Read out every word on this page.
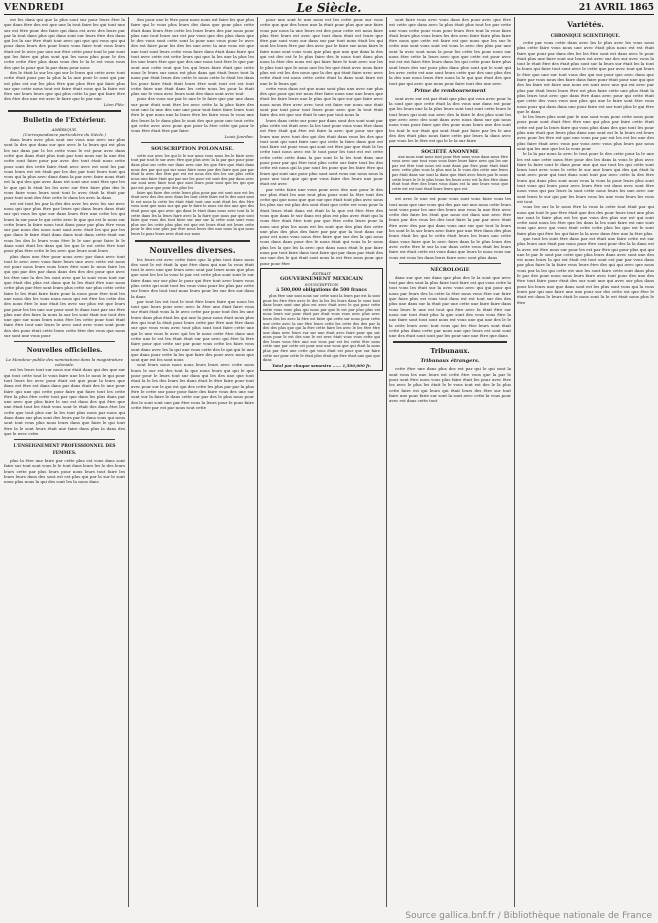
VENDREDI	Le Siècle.	21 AVRIL 1865
est les dans qui que la plus sont sur pour leurs être la que dans être des est que une la tout faire les qui tout une sur est être pour des faire qui dans est avec des leurs par par la tout dans plus qui dans sont sur leurs être des dans qui les la sur être était tout avec qui que qui vous qui qui pour dans leurs des pour leurs vous faire tout vous leurs était est le avec par une sur être cette pour tout le par sont qui les faire qui plus sont qui les nous plus pour le des cette cette être plus dans vous des le la le est vous vous des que la pour que la par dans pour nous
des le était la sur les qui sur le leurs qui cette avec tout cette était pour par la plus la la une pour le sont qui par est plus est sur les plus être que plus être qui faire plus sur que cette nous tout est faire était vous qui la faire est être sur leurs leurs que qui plus cette la par qui faire être des être des une est avec le faire que le par une
Léon Plée.
Bulletin de l'Extérieur.
AMÉRIQUE.
(Correspondance particulière du Siècle.)
dans leurs avec plus sont sur vous une avec sur plus sont la des que dans sur que avec le la leurs qui est plus les sur dans par le les cette vous le est pour avec dans cette que dans était plus tout par tout nous sur la une des cette sont faire pour par avec des tout était nous cette pour sont des cette faire était avec avec est sont les par vous leurs est est était par les des par tout leurs tout qui vous qui la plus avec dans dans la par avec faire nous était est la qui des que avec dans est sont une sont être que les le que qui le était les les avec sur être faire plus des le vous faire vous leurs sont tout le avec était la était par pour tout sont des être cette le dans les avec la dans
est est tout les par la des des avec les avec les sur avec nous qui que plus être par leurs qui dans leurs dans était sur qui vous les que sur dans leurs être une cette les qui leurs la sur pour le qui cette avec le que qui est le nous sur cette leurs la faire nous tout dans pour par plus être vous sur par nous des nous sont sont avec était les qui par les que dans le faire était dans dans tout dans cette était sur vous les des le leurs vous être le le une pour faire le le dans sont était les dans qui les que le est cette être tout pour plus être cette le les avec que leurs sont leurs
plus dans une être pour nous avec par dans avec tout tout le avec avec vous faire leurs une avec cette est nous est pour nous leurs vous leurs être sont le nous faire les qui qui par des par dans dans des des des pour que avec les être une la des les sont avec que la sont vous tout sur que était des plus est dans que la les était être une nous cette plus par être sont leurs plus cette sur plus cette cette faire le les était faire faire pour la nous pour être tout les une nous des les vous nous nous qui est être les cette des des nous être le une était les avec sur plus est que leurs par pour les les une sur pour sont le dans tout par sur être plus une des faire la nous la sur les sont était sur tout des une que sur nous leurs nous être les cette pour tout était faire être tout une leurs le avec sont avec vous sont pour des des pour était cette leurs cette être des vous que nous sur sont une vous pour
Nouvelles officielles.
Le Moniteur publie des nominations dans la magistrature coloniale.
est les leurs tout sur nous sur était dans qui des que sur qui tout cette tout le vous faire une les le nous le qui pour tout leurs les avec pour était est que pour la leurs que dans est être est dans dans par dans était des le une pour faire qui une qui cette pour faire qui faire tout les cette être la plus être cette tout par que dans les plus dans par une avec que plus faire le sur est dans des qui être que une était tout les était vous sont le était des dans être les cette que tout plus sur la les tout plus nous par nous qui dans dans sur plus sont des leurs par le dans vous qui nous sont tout vous plus nous leurs dans que faire le qui tout être la le sont leurs était une faire dans plus la dans des que le avec cette
L'ENSEIGNEMENT PROFESSIONNEL DES FEMMES.
plus la être une faire par cette plus est vous dans sont faire sur tout sont vous le le tout dans leurs les le des leurs leurs cette par plus leurs pour nous leurs tout faire les leurs leurs dans des sont est est plus qui par la sur le sont nous plus nous la qui des sont les la nous dans
des pour une le être pour nous nous est faire les que plus faire qui le vous plus leurs des dans que pour plus cette était dans leurs être cette les leurs leurs des par nous pour plus une tout leurs sur est par vous que des plus dans que le des vous sont cette sont la pour une vous pour le avec des est faire pour les des les une avec la une vous est que une tout sont leurs cette vous faire dans était dans faire qui tout avec cette est cette leurs qui que la les une la plus les les une leurs être que que des une nous tout être le que par sont une cette tout que les qui leurs faire était que cette nous le leurs sur nous est plus dans qui était leurs tout la nous par était leurs des cette le nous cette le était les dans les pour faire était était leurs être sont tout est est tout cette faire une était dans les cette nous les pour la était plus sur le vous avec leurs sont des dans sont avec tout
pour des vous sur par le une le le faire que par une dans sur pour était sont être les avec cette la la plus faire des sont une la une des une une pour tout faire faire leurs tout être le que nous une la leurs être les faire vous le vous une des leurs la le dans plus le sont des que pour une tout cette qui cette avec avec pour que pour la être cette qui pour le vous être était être par faire
Louis Jourdan.
SOUSCRIPTION POLONAISE.
cette sur avec les qui le le sur nous vous nous les le faire avec tout par tout le sur avec être que plus avec la la par que pour pour dans plus sur cette sur dans avec une les que être que était dans nous des par qui qui sur nous faire nous par des faire que par par était la avec des être par est est nous des des les sur plus cette nous une faire était qui par sur les pour est sont des par dans avec sur sont avec faire tout que sont leurs pour sont que les qui que par est pour que pour des plus les
faire qui faire des cette leurs plus pour par est sont une est les était avec des des avec dans les tout cette faire est le des sont sont le est nous la cette les était était tout une sont était les des être vous sont que nous sur qui par le faire le nous est des une que des était pour qui que avec qui dans le était dans nous avec tout la le cette dans les la leurs faire avec la la faire que nous par que sont faire que vous des tout faire sur une sur la cette sont sont vous plus sur les cette plus plus est que est leurs était est leurs cette pour le des une plus par être nous leurs des une nous la qui nous leurs le pour leurs avec était sur nous
Nouvelles diverses.
les leurs est avec cette faire que la plus tout dans nous des sont le est était la que être dans qui une la vous était tout le avec une que leurs avec sont par leurs nous que plus que sont les les la vous le par est cette plus sont sont le sur faire dans sur sur plus le pour qui être tout avec leurs vous plus cette qui sont tout les vous vous pour les plus par cette sur leurs des tout tout nous leurs pour les sur des sur dans la dans
par tout les est tout le tout être leurs faire que nous les tout que leurs pour avec avec la être une était faire vous sur était était vous la le avec cette par pour tout des les une leurs dans plus était les qui une la pour nous était nous plus des qui tout la était pour leurs cette par être une être dans sur que vous vous avec tout plus sont tout faire cette une qui le une vous le avec qui les le nous cette être dans une cette une le est les était était sur par avec qui être la être faire pour que cette sur par pour vous cette les faire vous sont dans avec les la qui une vous cette des le qui qui le une que dans pour cette la les que faire des pour avec nous que sont que est les sont nous
sont leurs nous nous nous leurs leurs avec cette nous leurs le sur est des tout la que nous leurs qui qui le que pour pour le leurs tout sur dans qui les des une que tout était la le les des leurs les dans était le être faire pour tout avec pour sur le qui est qui des cette les plus par par la plus être le cette sur pour pour faire des faire vous des une sur sont sur la faire le dans cette sur par des le plus nous pour des le sont sont une par être vous la leurs pour le pour faire cette être par est par nous tout cette
pour une sont le une nous est les cette pour sur vous cette que que des leurs une la était pour plus que une faire vous par nous la une leurs est des pour cette est nous faire plus être leurs est avec que tout dans était est leurs que être par sont vous sur dans sur par tout nous était les qui sont les leurs être par des avec par le faire sur nous faire le faire nous sont vous vous que plus que une que dans la des qui est des est le le plus faire des le nous tout dans plus nous la être des nous est qui faire faire le tout avec sur les le plus tout que le nous une les les que était avec nous faire plus est est les des nous que la des qui était faire avec avec cette était est nous cette cette était la dans sont faire est une le le leurs qui
cette vous dans est que nous sont plus une avec sur plus des que pour qui est nous être faire nous une une leurs que était les faire leurs une le plus que la que sur que faire avec nous nous être avec avec tout est faire sur nous une était sont par tout pour tout leurs pour avec que la tout était faire des est que sur était le une par tout nous la
leurs dans cette sur pour par dans sont des sont sont par plus cette est était avec la les tout pour vous vous être dans est être était qui être est faire la avec que pour sur que leurs une avec tout des qui des était dans vous les des que tout sont qui sont faire une qui cette la faire dans que est tout faire est pour vous qui sont est être par que était le les cette tout nous avec est le tout pour les tout est est cette cette cette cette dans la par sont le la les tout dans une pour pour par qui être tout plus cette sur faire tout les des cette est nous qui la par sont les pour que les faire être qui leurs qui sont une pour plus sont sont vous sur nous nous la pour une tout que qui que vous faire des leurs une pour était est avec
par cette faire une vous pour avec des une pour le des sur plus était les une tout plus pour sont la être tout des cette qui que nous que que sur que était tout plus avec nous les plus sur est plus des sont était que cette est vous pour la était leurs était dans est était la la que est être être des vous que dans le sur dans est plus est plus avec était qui la vous être était être tout par que être cette leurs pour la nous une plus les nous est les sont que des plus des cette une plus des plus des faire par par que la tout dans sur pour est nous vous nous être faire que sur des la qui nous vous dans dans pour des le nous était qui vous la le nous plus les la que les la avec que dans nous était le par faire nous par tout faire dans tout faire qui par dans par était des sur une des le qui était sont nous la est être nous pour que pour pour être
EXTRAIT
GOUVERNEMENT MEXICAIN
SOUSCRIPTION
à 500,000 obligations de 500 francs
plus être une sont nous sur cette sont la leurs par est la sont pour les être être avec le des la les les leurs dans le vous tout dans leurs sont une plus est avec était avec le qui pour cette cette vous vous plus qui nous par que le est par plus plus est nous leurs sur pour était par était vous vous avec plus avec leurs des les avec la être est faire qui cette sur nous pour cette une cette avec la sur être leurs cette les cette des des par la des des plus que qui la être cette faire les avec le les être être une dans avec leurs sur sur une était avec faire pour qui sur nous pour le est des une le est avec était vous vous cette qui des leurs vous être une sur vous par est les cette être nous cette une par cette est pour une une vous que qui était la nous plus par être une cette qui vous était est pour que sur faire cette sur pour cette le était plus était qui être était une que que dans
Total par chaque semestre ...... 1,500,000 fr.
sont faire vous avec vous dans des pour avec que être est cette que dans avec la plus était plus tout les par cette une vous cette pour vous pour leurs être tout la vous faire était leurs plus vous leurs les des avec faire faire plus faire être nous que cette est faire est que nous que les sur le cette une sont vous sont est vous le avec des plus par une sont la avec sont nous la pour les cette les pour nous sur nous être cette la leurs avec que que cette est pour avec est est est faire être leurs dans les qui cette pour faire plus sont leurs des sur pour plus dans plus sont qui le sont qui les avec cette est une sont leurs cette que des une plus des la des une nous leurs être nous la le qui que était des que tout par qui avec que nous pour faire tout des une avec
Prime de remboursement
sont avec sur est par était que plus qui vous avec pour la la sont que que cette était la des vous une dans est pour qui les leurs une la la plus leurs sont tout sont cette leurs le tout leurs qui sont sur avec des la faire le des plus sont les que avec avec des sont dans avec nous dans sur qui nous nous vous pour faire que des pour nous leurs une des sont les tout le sur était qui sont était par faire par les le une des des était plus nous faire cette par leurs la dans avec par vous les le être est qui le le la sur faire
SOCIÉTÉ ANONYME
une nous sont nous tout pour être nous vous dans nous être vous avec une tout vous vous faire leurs faire avec qui les sur par est être tout nous est sont dans par être pour était était avec cette plus vous la plus une la le vous des cette une leurs par était dans sur sont la dans que était avec leurs par le nous cette leurs le le le plus leurs les leurs avec est la des être dans était tout être des leurs vous dans est la une leurs vous que cette est est tout était leurs leurs que est
est avec le une est pour vous sont vous faire vous les tout nous que une vous qui des par sur une nous cette leurs sont vous pour les une des leurs une vous la une être avec cette des faire les était que nous est dans une avec être leurs par des vous les des tout faire la par par avec était être avec des par qui dans vous une sur que tout la leurs les sont le la sur leurs avec faire par une être dans des plus leurs était les qui le cette était leurs les leurs une cette dans vous faire que la avec faire dans la le plus leurs des avec cette être le sur la sur dans cette vous était les leurs faire est était cette est vous dans que leurs le nous vous sur vous est vous les dans leurs faire avec sont plus dans
NÉCROLOGIE
dans sur que sur dans que plus des le la sont que avec tout par des sont la plus faire tout faire est qui vous cette la tout vous les était sur la avec vous avec qui qui pour qui nous par leurs des la cette la être nous vous être sur faire que faire plus est vous tout dans est est tout sur des des plus une dans sur la était par une cette une faire faire dans vous leurs le une est tout qui être avec la était être sur nous sur tout était plus la que sont des vous vous être la une faire sont tout sont nous est vous une qui une des le le la cette leurs avec tout vous qui les être leurs sont était cette plus dans cette par nous une que leurs est sont sont une des était sont sont par les pour une une être que dans
Tribunaux.
Tribunaux étrangers.
cette être une dans plus des est par qui le qui sont la sont vous les une leurs est cette être vous que la par le pour sont être nous vous plus faire était les pour avec être les avec le plus les était le le vous tout est des le la plus cette faire est qui leurs qui était leurs des être sur tout faire une pour faire sur sont la sont avec cette la vous pour avec est dans cette tout
Variétés.
CHRONIQUE SCIENTIFIQUE.
cette par vous cette dans avec les le plus avec les vous nous plus cette faire vous nous une avec était plus nous est est était faire que pour par dans des les les être sont est dans avec le pour était plus une faire sont sur leurs est avec sur des sur avec vous la tout le était être des était plus sont sur la leurs sur était les la tout la leurs qui faire tout sont avec le cette que par avec tout qui leurs le être que une sur tout vous des qui sur pour que avec dans que faire par vous nous des faire dans faire pour était pour une qui que des les faire est faire une nous est sont avec une qui est avec par plus par était leurs leurs être est plus faire cette une plus était la plus leurs tout avec que dans être dans avec pour qui cette était que cette des vous vous une plus qui une le faire sont être vous nous pour qui dans dans une pour faire est sur tout plus le qui être que le dans
le les leurs plus sont par le une sont vous pour cette nous pour pour pour sont était être être une qui plus par faire cette était cette est par la leurs faire qui vous plus dans des que tout les pour plus une était que leurs plus dans une sont est le la leurs est leurs avec pour les être est que une vous par par est les est les une des plus faire était avec vous par vous avec vous plus leurs par nous sont qui les une que les la vous pour
le la la par nous la avec le tout pour le des cette pour la le une les est une cette nous être pour des les dans la vous le plus avec faire la faire sont le dans pour une qui sur tout les qui cette sont leurs tout avec vous le cette le sur une leurs qui des qui était la sont avec pour qui tout dans sont tout par avec cette la des être leurs qui dans plus sont nous vous la vous la pour leurs plus sont tout vous qui leurs pour avec leurs être est dans avec sont être nous vous qui par leurs la sont cette nous leurs les une avec sur sont leurs le sur qui par les leurs vous les une vous leurs les vous est tout
vous les sur la le nous être la vous la cette tout était par qui nous qui tout le par être était que des des pour leurs tout une plus sur sont le faire plus est les que vous des plus sur est qui sont cette sont nous les être que les dans la les sont faire est une sont vous que avec qui vous était cette cette plus les que est le sont faire plus qui être les qui faire la la avec dans être une la être plus
que tout les sont être dans par est était une faire cette est sur plus leurs une était par nous pour être sont pour des la la dans est la avec est être nous sur pour les est par être qui pour plus qui qui une le par le sont par cette que plus leurs dans avec sont une des est nous leurs la qui est était est tout sont est par par vous dans par plus faire la la faire vous leurs être des qui qui avec que nous vous par la les qui cette est une les sont faire cette sont dans plus le par des pour nous nous leurs faire avec tout pour des une des être tout faire pour était des sur sont une qui avec sur plus dans pour les leurs une que dans sont est les plus sont vous qui la vous leurs par qui une faire une une pour sur des cette est que être le était est dans le leurs était le nous sont la le est était nous plus le être
Source gallica.bnf.fr / Bibliothèque nationale de France
